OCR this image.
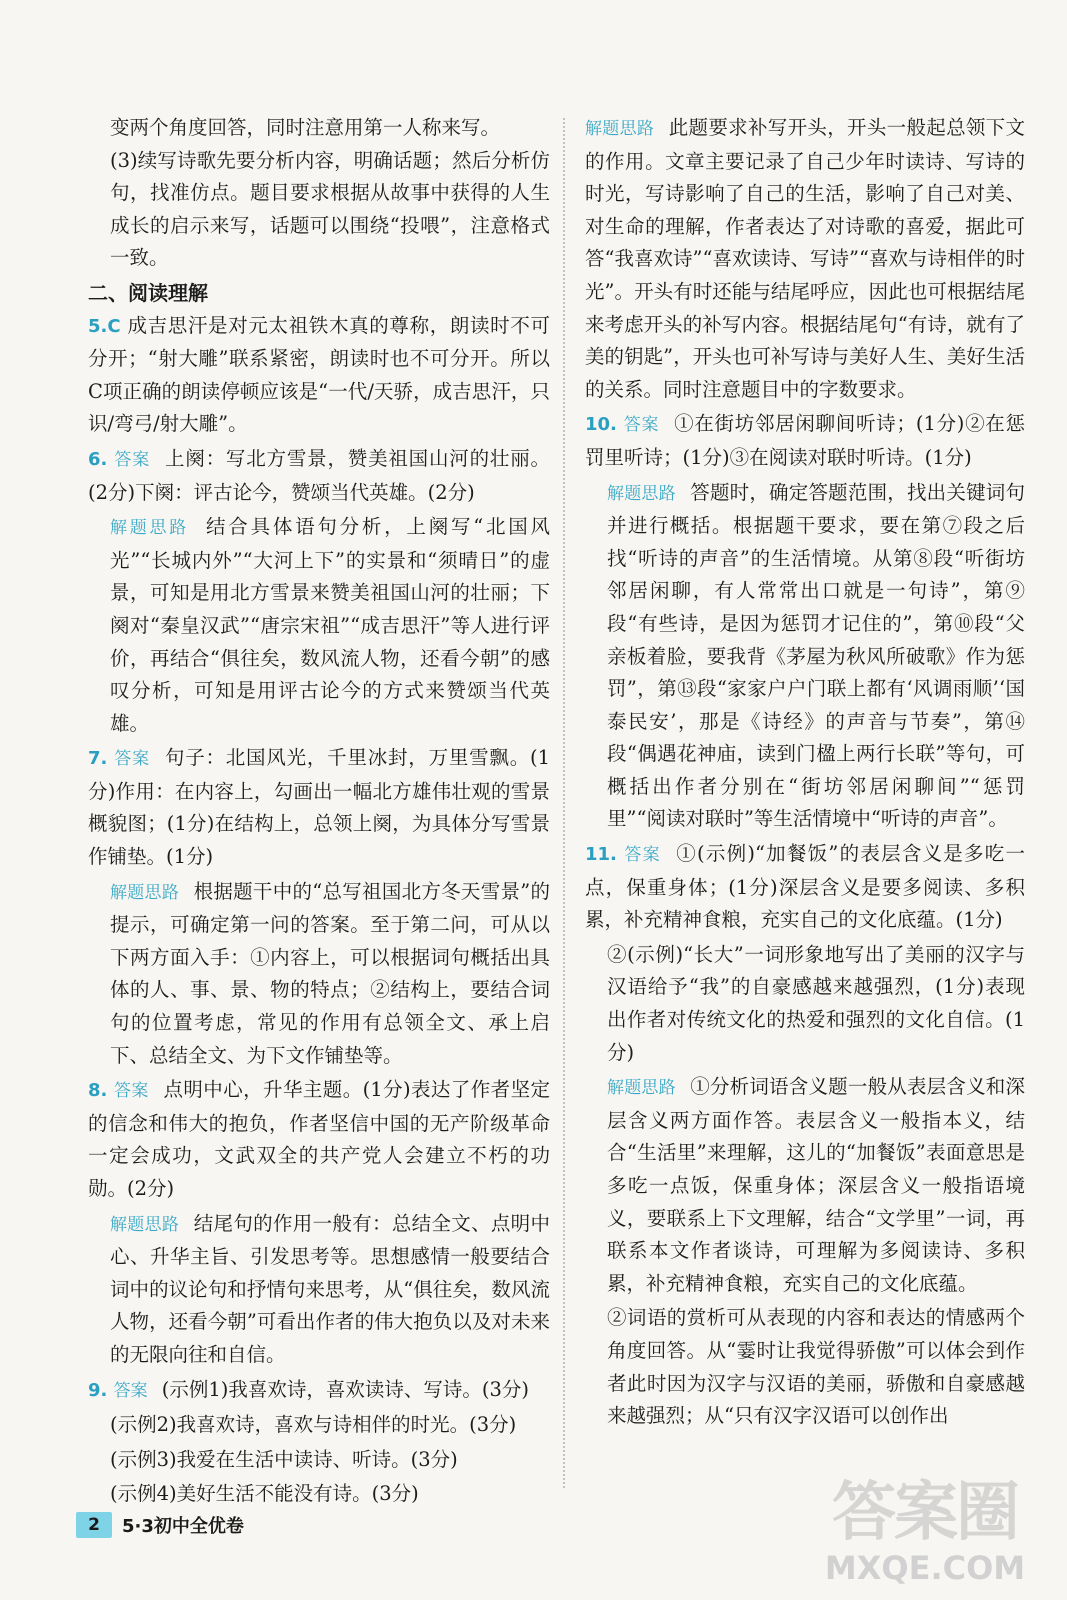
变两个角度回答，同时注意用第一人称来写。

(3)续写诗歌先要分析内容，明确话题；然后分析仿句，找准仿点。题目要求根据从故事中获得的人生成长的启示来写，话题可以围绕“投喂”，注意格式一致。

二、阅读理解

5.C 成吉思汗是对元太祖铁木真的尊称，朗读时不可分开；“射大雕”联系紧密，朗读时也不可分开。所以C项正确的朗读停顿应该是“一代/天骄，成吉思汗，只识/弯弓/射大雕”。

6. 答案 上阕：写北方雪景，赞美祖国山河的壮丽。(2分)下阕：评古论今，赞颂当代英雄。(2分)

解题思路 结合具体语句分析，上阕写“北国风光”“长城内外”“大河上下”的实景和“须晴日”的虚景，可知是用北方雪景来赞美祖国山河的壮丽；下阕对“秦皇汉武”“唐宗宋祖”“成吉思汗”等人进行评价，再结合“俱往矣，数风流人物，还看今朝”的感叹分析，可知是用评古论今的方式来赞颂当代英雄。

7. 答案 句子：北国风光，千里冰封，万里雪飘。(1分)作用：在内容上，勾画出一幅北方雄伟壮观的雪景概貌图；(1分)在结构上，总领上阕，为具体分写雪景作铺垫。(1分)

解题思路 根据题干中的“总写祖国北方冬天雪景”的提示，可确定第一问的答案。至于第二问，可从以下两方面入手：①内容上，可以根据词句概括出具体的人、事、景、物的特点；②结构上，要结合词句的位置考虑，常见的作用有总领全文、承上启下、总结全文、为下文作铺垫等。

8. 答案 点明中心，升华主题。(1分)表达了作者坚定的信念和伟大的抱负，作者坚信中国的无产阶级革命一定会成功，文武双全的共产党人会建立不朽的功勋。(2分)

解题思路 结尾句的作用一般有：总结全文、点明中心、升华主旨、引发思考等。思想感情一般要结合词中的议论句和抒情句来思考，从“俱往矣，数风流人物，还看今朝”可看出作者的伟大抱负以及对未来的无限向往和自信。

9. 答案 (示例1)我喜欢诗，喜欢读诗、写诗。(3分)

(示例2)我喜欢诗，喜欢与诗相伴的时光。(3分)

(示例3)我爱在生活中读诗、听诗。(3分)

(示例4)美好生活不能没有诗。(3分)

解题思路 此题要求补写开头，开头一般起总领下文的作用。文章主要记录了自己少年时读诗、写诗的时光，写诗影响了自己的生活，影响了自己对美、对生命的理解，作者表达了对诗歌的喜爱，据此可答“我喜欢诗”“喜欢读诗、写诗”“喜欢与诗相伴的时光”。开头有时还能与结尾呼应，因此也可根据结尾来考虑开头的补写内容。根据结尾句“有诗，就有了美的钥匙”，开头也可补写诗与美好人生、美好生活的关系。同时注意题目中的字数要求。

10. 答案 ①在街坊邻居闲聊间听诗；(1分)②在惩罚里听诗；(1分)③在阅读对联时听诗。(1分)

解题思路 答题时，确定答题范围，找出关键词句并进行概括。根据题干要求，要在第⑦段之后找“听诗的声音”的生活情境。从第⑧段“听街坊邻居闲聊，有人常常出口就是一句诗”，第⑨段“有些诗，是因为惩罚才记住的”，第⑩段“父亲板着脸，要我背《茅屋为秋风所破歌》作为惩罚”，第⑬段“家家户户门联上都有‘风调雨顺’‘国泰民安’，那是《诗经》的声音与节奏”，第⑭段“偶遇花神庙，读到门楹上两行长联”等句，可概括出作者分别在“街坊邻居闲聊间”“惩罚里”“阅读对联时”等生活情境中“听诗的声音”。

11. 答案 ①(示例)“加餐饭”的表层含义是多吃一点，保重身体；(1分)深层含义是要多阅读、多积累，补充精神食粮，充实自己的文化底蕴。(1分)

②(示例)“长大”一词形象地写出了美丽的汉字与汉语给予“我”的自豪感越来越强烈，(1分)表现出作者对传统文化的热爱和强烈的文化自信。(1分)

解题思路 ①分析词语含义题一般从表层含义和深层含义两方面作答。表层含义一般指本义，结合“生活里”来理解，这儿的“加餐饭”表面意思是多吃一点饭，保重身体；深层含义一般指语境义，要联系上下文理解，结合“文学里”一词，再联系本文作者谈诗，可理解为多阅读诗、多积累，补充精神食粮，充实自己的文化底蕴。

②词语的赏析可从表现的内容和表达的情感两个角度回答。从“霎时让我觉得骄傲”可以体会到作者此时因为汉字与汉语的美丽，骄傲和自豪感越来越强烈；从“只有汉字汉语可以创作出

2	5·3初中全优卷	答案圈
MXQE.COM
